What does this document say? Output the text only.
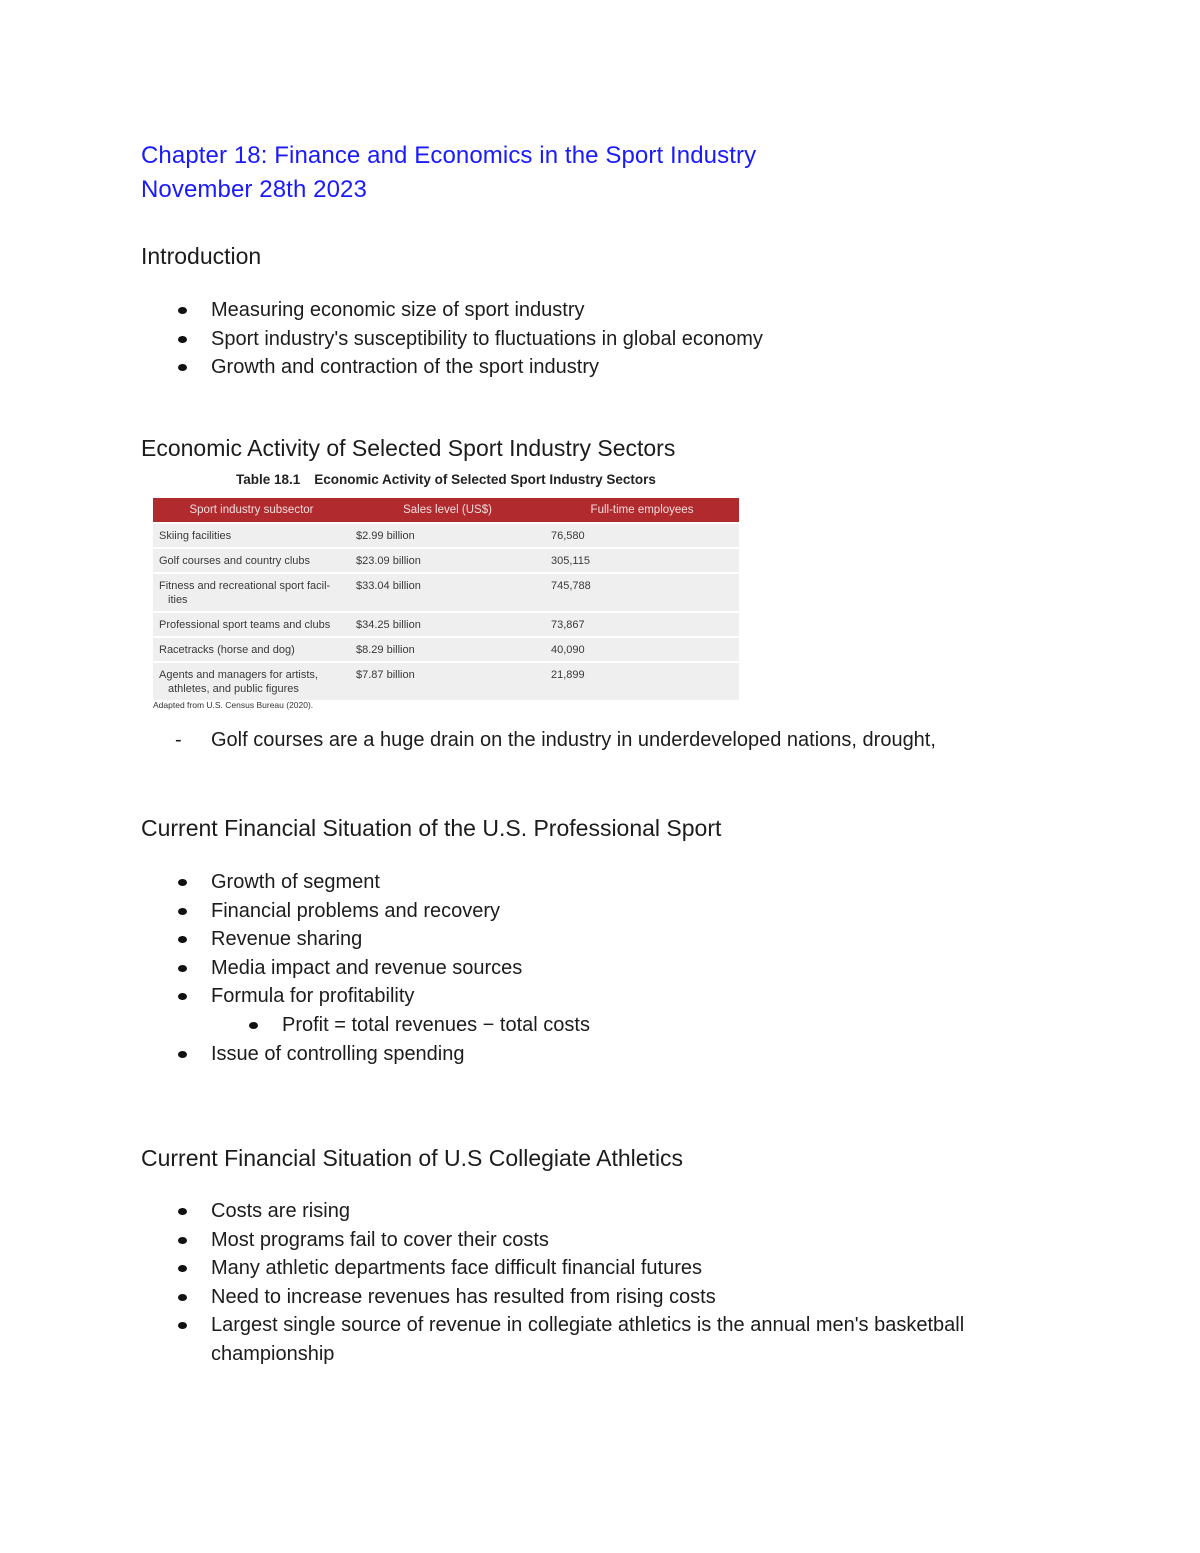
Chapter 18: Finance and Economics in the Sport Industry
November 28th 2023
Introduction
Measuring economic size of sport industry
Sport industry's susceptibility to fluctuations in global economy
Growth and contraction of the sport industry
Economic Activity of Selected Sport Industry Sectors
Table 18.1 Economic Activity of Selected Sport Industry Sectors
Sport industry subsector	Sales level (US$)	Full-time employees
Skiing facilities	$2.99 billion	76,580
Golf courses and country clubs	$23.09 billion	305,115
Fitness and recreational sport facil-
ities	$33.04 billion	745,788
Professional sport teams and clubs	$34.25 billion	73,867
Racetracks (horse and dog)	$8.29 billion	40,090
Agents and managers for artists,
athletes, and public figures	$7.87 billion	21,899
Adapted from U.S. Census Bureau (2020).
- Golf courses are a huge drain on the industry in underdeveloped nations, drought,
Current Financial Situation of the U.S. Professional Sport
Growth of segment
Financial problems and recovery
Revenue sharing
Media impact and revenue sources
Formula for profitability
Profit = total revenues − total costs
Issue of controlling spending
Current Financial Situation of U.S Collegiate Athletics
Costs are rising
Most programs fail to cover their costs
Many athletic departments face difficult financial futures
Need to increase revenues has resulted from rising costs
Largest single source of revenue in collegiate athletics is the annual men's basketball championship
